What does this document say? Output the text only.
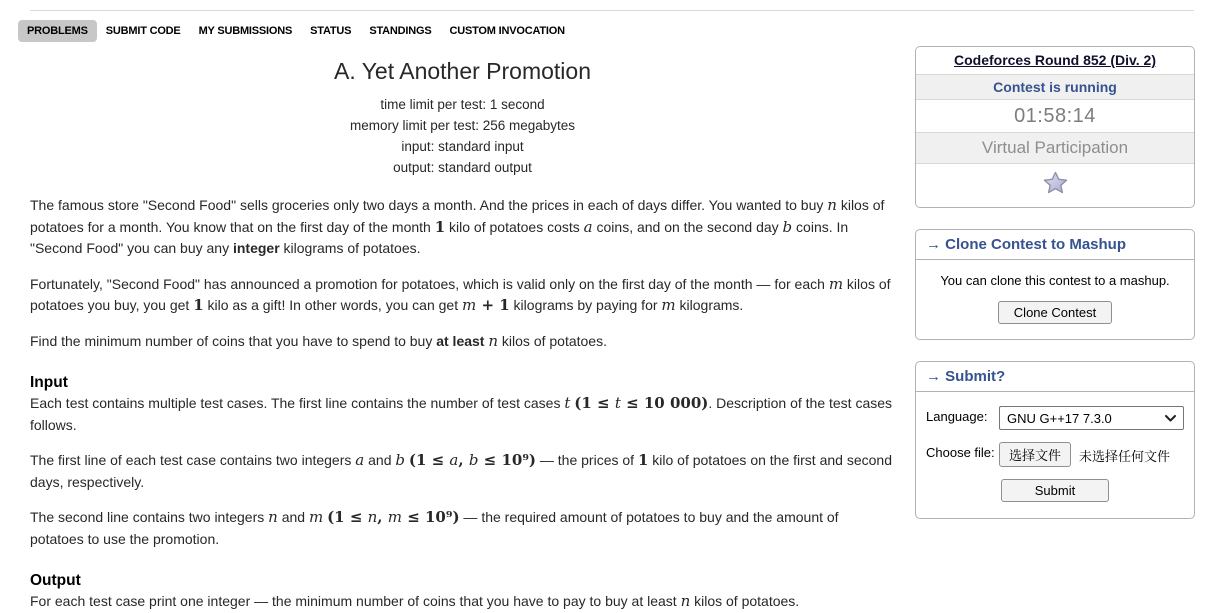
PROBLEMS	SUBMIT CODE	MY SUBMISSIONS	STATUS	STANDINGS	CUSTOM INVOCATION
A. Yet Another Promotion
time limit per test: 1 second
memory limit per test: 256 megabytes
input: standard input
output: standard output

The famous store "Second Food" sells groceries only two days a month. And the prices in each of days differ. You wanted to buy n kilos of potatoes for a month. You know that on the first day of the month 1 kilo of potatoes costs a coins, and on the second day b coins. In "Second Food" you can buy any integer kilograms of potatoes.

Fortunately, "Second Food" has announced a promotion for potatoes, which is valid only on the first day of the month — for each m kilos of potatoes you buy, you get 1 kilo as a gift! In other words, you can get m + 1 kilograms by paying for m kilograms.

Find the minimum number of coins that you have to spend to buy at least n kilos of potatoes.

Input

Each test contains multiple test cases. The first line contains the number of test cases t (1 ≤ t ≤ 10 000). Description of the test cases follows.

The first line of each test case contains two integers a and b (1 ≤ a, b ≤ 10⁹) — the prices of 1 kilo of potatoes on the first and second days, respectively.

The second line contains two integers n and m (1 ≤ n, m ≤ 10⁹) — the required amount of potatoes to buy and the amount of potatoes to use the promotion.

Output

For each test case print one integer — the minimum number of coins that you have to pay to buy at least n kilos of potatoes.

Codeforces Round 852 (Div. 2)
Contest is running
01:58:14
Virtual Participation
→ Clone Contest to Mashup
You can clone this contest to a mashup.
Clone Contest
→ Submit?
Language:	GNU G++17 7.3.0
Choose file:	选择文件	未选择任何文件
Submit
